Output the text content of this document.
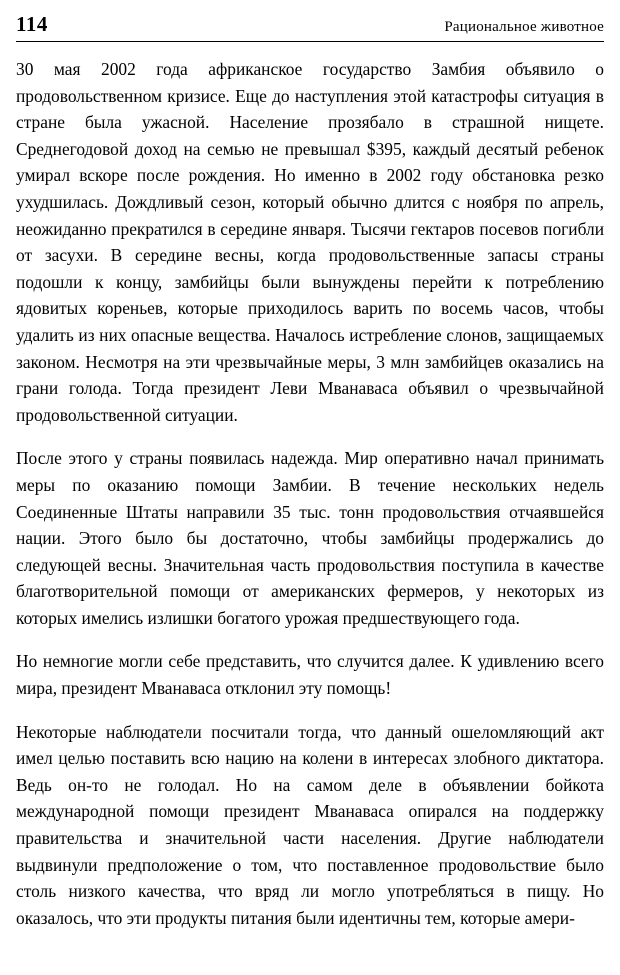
114	Рациональное животное

30 мая 2002 года африканское государство Замбия объявило о продовольственном кризисе. Еще до наступления этой катастрофы ситуация в стране была ужасной. Население прозябало в страшной нищете. Среднегодовой доход на семью не превышал $395, каждый десятый ребенок умирал вскоре после рождения. Но именно в 2002 году обстановка резко ухудшилась. Дождливый сезон, который обычно длится с ноября по апрель, неожиданно прекратился в середине января. Тысячи гектаров посевов погибли от засухи. В середине весны, когда продовольственные запасы страны подошли к концу, замбийцы были вынуждены перейти к потреблению ядовитых кореньев, которые приходилось варить по восемь часов, чтобы удалить из них опасные вещества. Началось истребление слонов, защищаемых законом. Несмотря на эти чрезвычайные меры, 3 млн замбийцев оказались на грани голода. Тогда президент Леви Мванаваса объявил о чрезвычайной продовольственной ситуации.

После этого у страны появилась надежда. Мир оперативно начал принимать меры по оказанию помощи Замбии. В течение нескольких недель Соединенные Штаты направили 35 тыс. тонн продовольствия отчаявшейся нации. Этого было бы достаточно, чтобы замбийцы продержались до следующей весны. Значительная часть продовольствия поступила в качестве благотворительной помощи от американских фермеров, у некоторых из которых имелись излишки богатого урожая предшествующего года.

Но немногие могли себе представить, что случится далее. К удивлению всего мира, президент Мванаваса отклонил эту помощь!

Некоторые наблюдатели посчитали тогда, что данный ошеломляющий акт имел целью поставить всю нацию на колени в интересах злобного диктатора. Ведь он-то не голодал. Но на самом деле в объявлении бойкота международной помощи президент Мванаваса опирался на поддержку правительства и значительной части населения. Другие наблюдатели выдвинули предположение о том, что поставленное продовольствие было столь низкого качества, что вряд ли могло употребляться в пищу. Но оказалось, что эти продукты питания были идентичны тем, которые амери-
